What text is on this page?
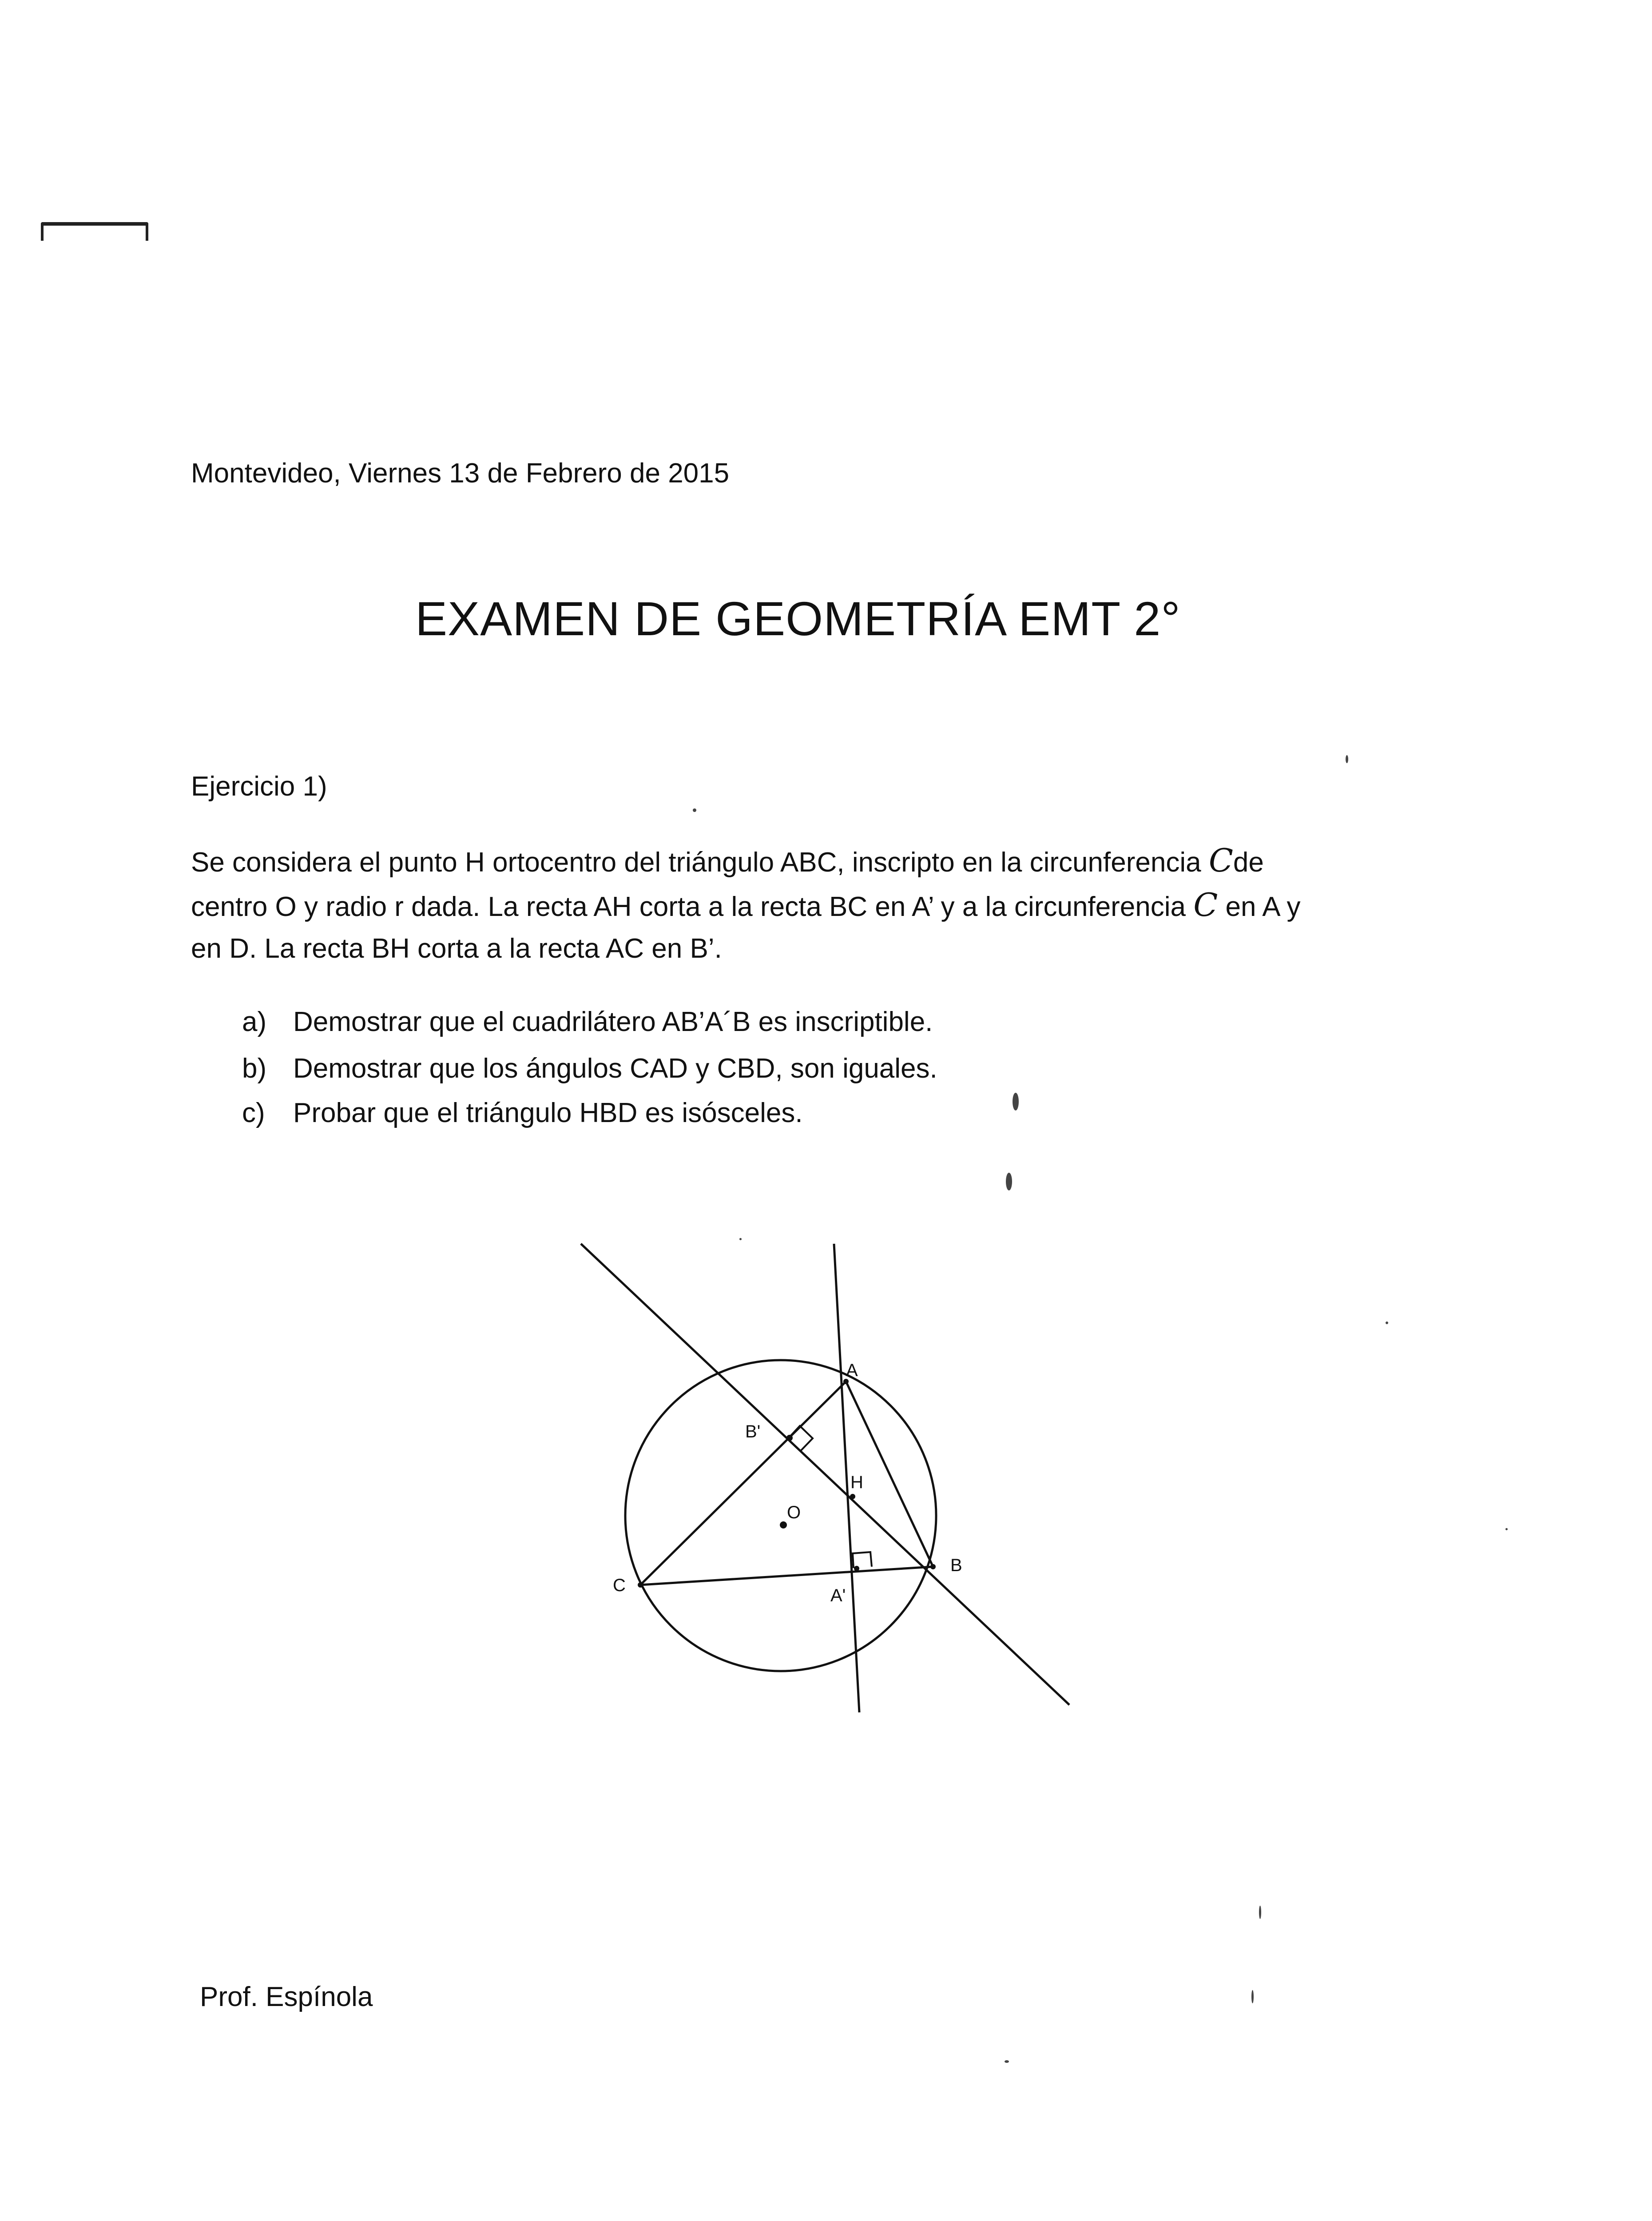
Montevideo, Viernes 13 de Febrero de 2015
EXAMEN DE GEOMETRÍA EMT 2°
Ejercicio 1)
Se considera el punto H ortocentro del triángulo ABC, inscripto en la circunferencia Cde
centro O y radio r dada. La recta AH corta a la recta BC en A’ y a la circunferencia C en A y
en D. La recta BH corta a la recta AC en B’.
a) Demostrar que el cuadrilátero AB’A´B es inscriptible.
b) Demostrar que los ángulos CAD y CBD, son iguales.
c) Probar que el triángulo HBD es isósceles.
A
B
C
O
H
A'
B'
Prof. Espínola
